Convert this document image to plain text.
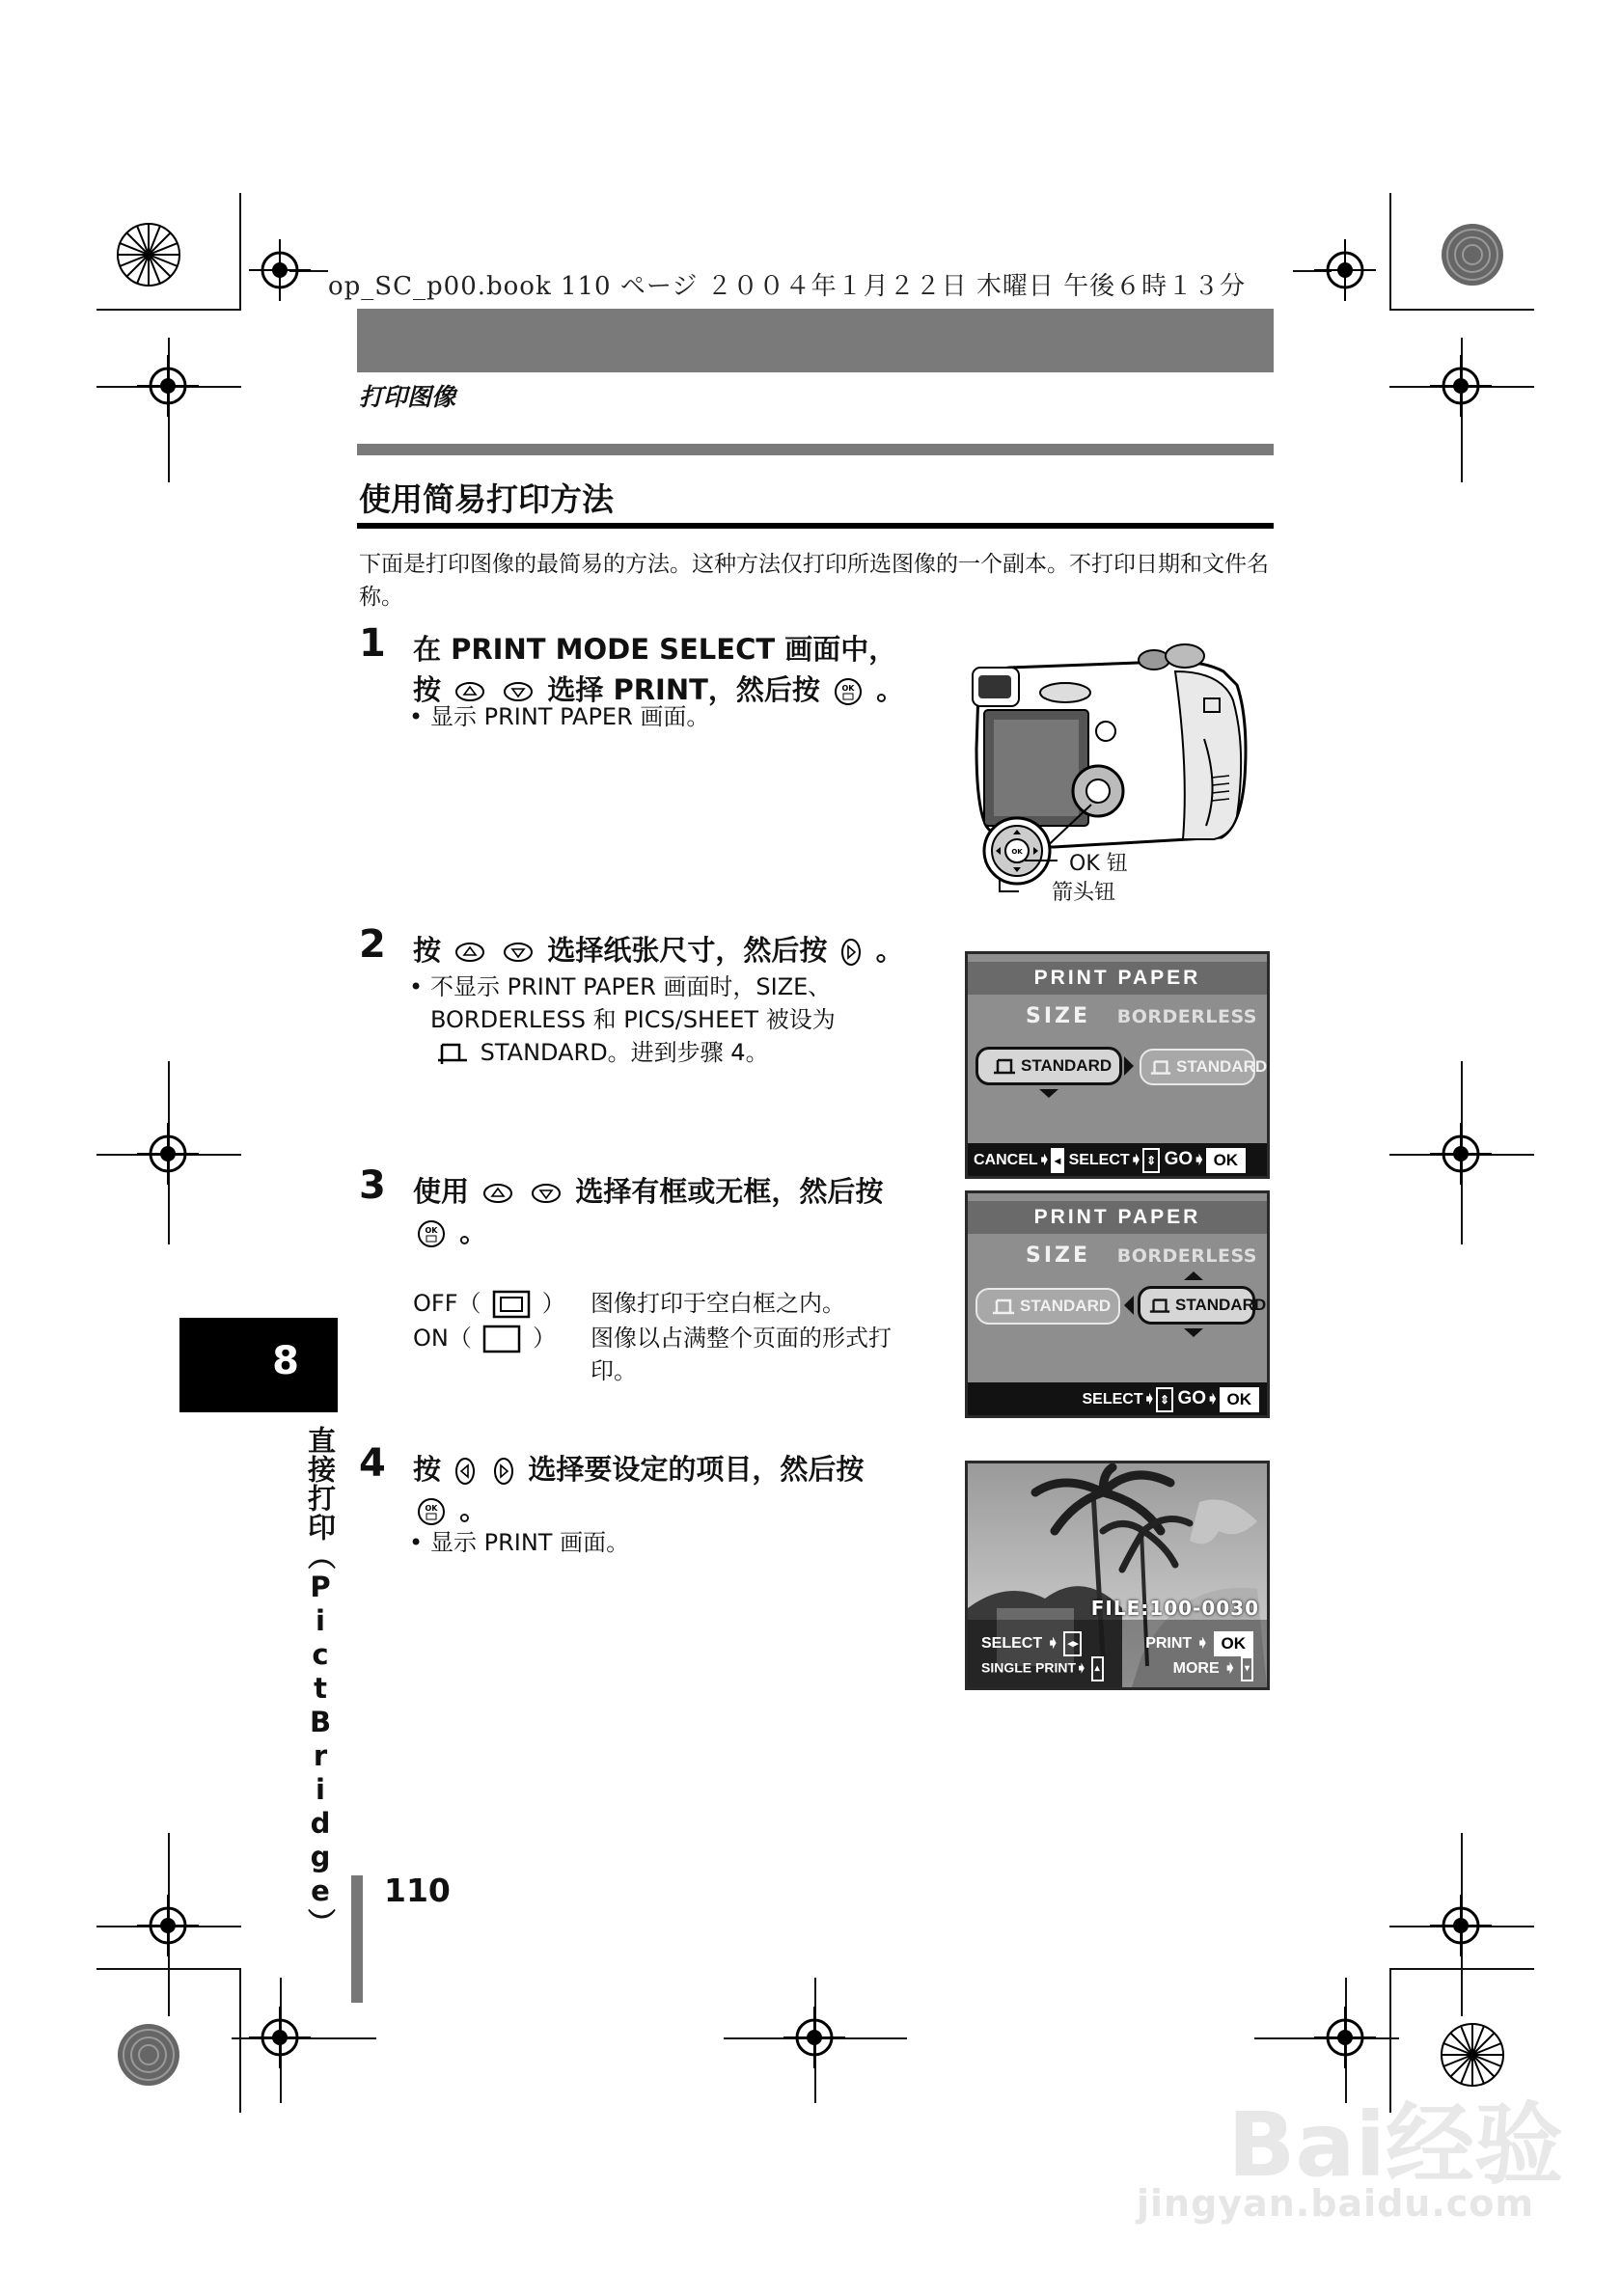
op_SC_p00.book 110 ページ ２００４年１月２２日 木曜日 午後６時１３分
打印图像
使用简易打印方法
下面是打印图像的最简易的方法。这种方法仅打印所选图像的一个副本。不打印日期和文件名称。
1 在 PRINT MODE SELECT 画面中，
按	选择 PRINT，然后按	OK 。
• 显示 PRINT PAPER 画面。
OK OK 钮
箭头钮
2 按	选择纸张尺寸，然后按 。
• 不显示 PRINT PAPER 画面时，SIZE、
BORDERLESS 和 PICS/SHEET 被设为
STANDARD。进到步骤 4。
PRINT PAPER
SIZE BORDERLESS
STANDARD	STANDARD
CANCEL➧ ◂ SELECT➧ ⇕ GO➧ OK
3 使用	选择有框或无框，然后按
OK 。
OFF（	） 图像打印于空白框之内。
ON（	） 图像以占满整个页面的形式打
印。
PRINT PAPER
SIZE BORDERLESS
STANDARD	STANDARD
SELECT➧ ⇕ GO➧ OK
4 按	选择要设定的项目，然后按
OK 。
• 显示 PRINT 画面。
FILE:100-0030
SELECT ➧ ◂▸	PRINT ➧ OK
SINGLE PRINT➧ ▴	MORE ➧ ▾
8
直接打印（PictBridge） 110
Bai经验
jingyan.baidu.com
